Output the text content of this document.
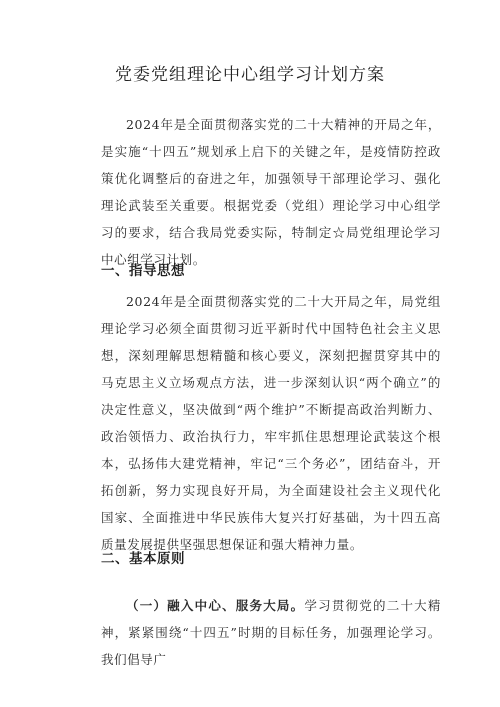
党委党组理论中心组学习计划方案

2024年是全面贯彻落实党的二十大精神的开局之年，是实施“十四五”规划承上启下的关键之年，是疫情防控政策优化调整后的奋进之年，加强领导干部理论学习、强化理论武装至关重要。根据党委（党组）理论学习中心组学习的要求，结合我局党委实际，特制定☆局党组理论学习中心组学习计划。

一、指导思想

2024年是全面贯彻落实党的二十大开局之年，局党组理论学习必须全面贯彻习近平新时代中国特色社会主义思想，深刻理解思想精髓和核心要义，深刻把握贯穿其中的马克思主义立场观点方法，进一步深刻认识“两个确立”的决定性意义，坚决做到“两个维护”不断提高政治判断力、政治领悟力、政治执行力，牢牢抓住思想理论武装这个根本，弘扬伟大建党精神，牢记“三个务必”，团结奋斗，开拓创新，努力实现良好开局，为全面建设社会主义现代化国家、全面推进中华民族伟大复兴打好基础，为十四五高质量发展提供坚强思想保证和强大精神力量。

二、基本原则

（一）融入中心、服务大局。学习贯彻党的二十大精神，紧紧围绕“十四五”时期的目标任务，加强理论学习。我们倡导广
